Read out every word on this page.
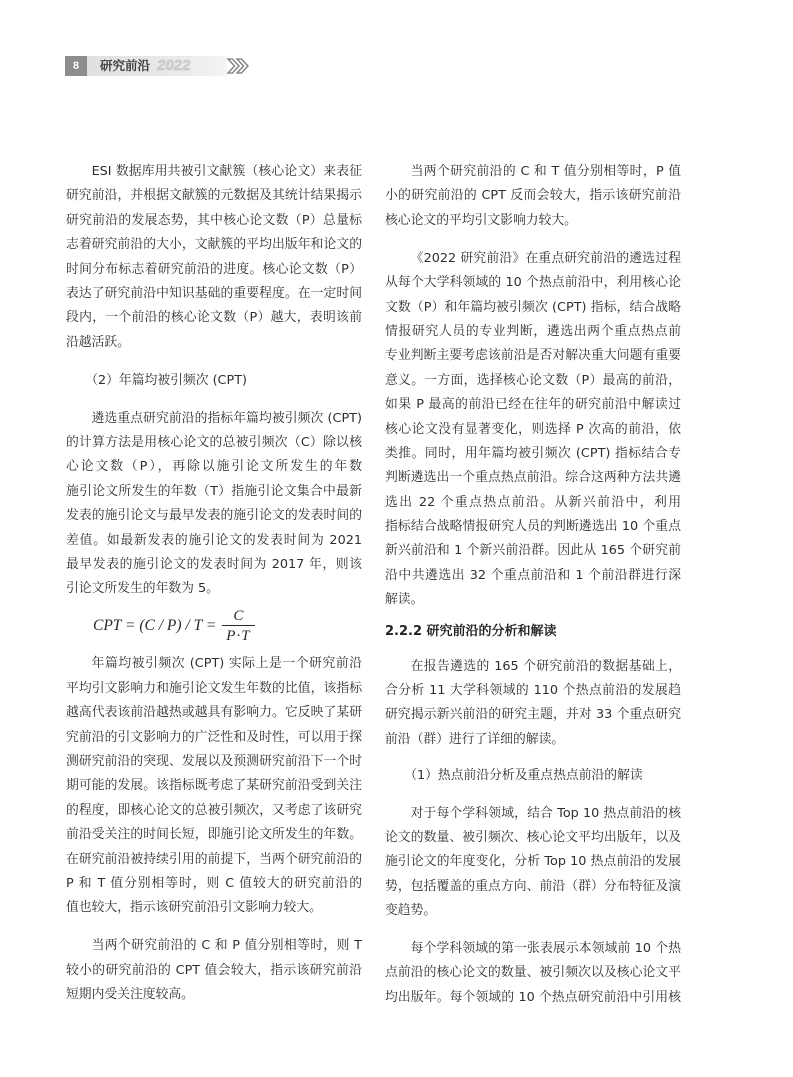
8	研究前沿 2022
ESI 数据库用共被引文献簇（核心论文）来表征
研究前沿，并根据文献簇的元数据及其统计结果揭示
研究前沿的发展态势，其中核心论文数（P）总量标
志着研究前沿的大小，文献簇的平均出版年和论文的
时间分布标志着研究前沿的进度。核心论文数（P）
表达了研究前沿中知识基础的重要程度。在一定时间
段内，一个前沿的核心论文数（P）越大，表明该前
沿越活跃。
（2）年篇均被引频次 (CPT)
遴选重点研究前沿的指标年篇均被引频次 (CPT)
的计算方法是用核心论文的总被引频次（C）除以核
心论文数（P），再除以施引论文所发生的年数
施引论文所发生的年数（T）指施引论文集合中最新
发表的施引论文与最早发表的施引论文的发表时间的
差值。如最新发表的施引论文的发表时间为 2021
最早发表的施引论文的发表时间为 2017 年，则该
引论文所发生的年数为 5。
CPT = $(C / P) / T = \frac{C}{P\cdot T}$
年篇均被引频次 (CPT) 实际上是一个研究前沿
平均引文影响力和施引论文发生年数的比值，该指标
越高代表该前沿越热或越具有影响力。它反映了某研
究前沿的引文影响力的广泛性和及时性，可以用于探
测研究前沿的突现、发展以及预测研究前沿下一个时
期可能的发展。该指标既考虑了某研究前沿受到关注
的程度，即核心论文的总被引频次，又考虑了该研究
前沿受关注的时间长短，即施引论文所发生的年数。
在研究前沿被持续引用的前提下，当两个研究前沿的
P 和 T 值分别相等时，则 C 值较大的研究前沿的
值也较大，指示该研究前沿引文影响力较大。
当两个研究前沿的 C 和 P 值分别相等时，则 T
较小的研究前沿的 CPT 值会较大，指示该研究前沿
短期内受关注度较高。
当两个研究前沿的 C 和 T 值分别相等时，P 值
小的研究前沿的 CPT 反而会较大，指示该研究前沿
核心论文的平均引文影响力较大。
《2022 研究前沿》在重点研究前沿的遴选过程
从每个大学科领域的 10 个热点前沿中，利用核心论
文数（P）和年篇均被引频次 (CPT) 指标，结合战略
情报研究人员的专业判断，遴选出两个重点热点前
专业判断主要考虑该前沿是否对解决重大问题有重要
意义。一方面，选择核心论文数（P）最高的前沿，
如果 P 最高的前沿已经在往年的研究前沿中解读过
核心论文没有显著变化，则选择 P 次高的前沿，依
类推。同时，用年篇均被引频次 (CPT) 指标结合专
判断遴选出一个重点热点前沿。综合这两种方法共遴
选出 22 个重点热点前沿。从新兴前沿中，利用
指标结合战略情报研究人员的判断遴选出 10 个重点
新兴前沿和 1 个新兴前沿群。因此从 165 个研究前
沿中共遴选出 32 个重点前沿和 1 个前沿群进行深
解读。
2.2.2 研究前沿的分析和解读
在报告遴选的 165 个研究前沿的数据基础上，
合分析 11 大学科领域的 110 个热点前沿的发展趋
研究揭示新兴前沿的研究主题，并对 33 个重点研究
前沿（群）进行了详细的解读。
（1）热点前沿分析及重点热点前沿的解读
对于每个学科领域，结合 Top 10 热点前沿的核
论文的数量、被引频次、核心论文平均出版年，以及
施引论文的年度变化，分析 Top 10 热点前沿的发展
势，包括覆盖的重点方向、前沿（群）分布特征及演
变趋势。
每个学科领域的第一张表展示本领域前 10 个热
点前沿的核心论文的数量、被引频次以及核心论文平
均出版年。每个领域的 10 个热点研究前沿中引用核
